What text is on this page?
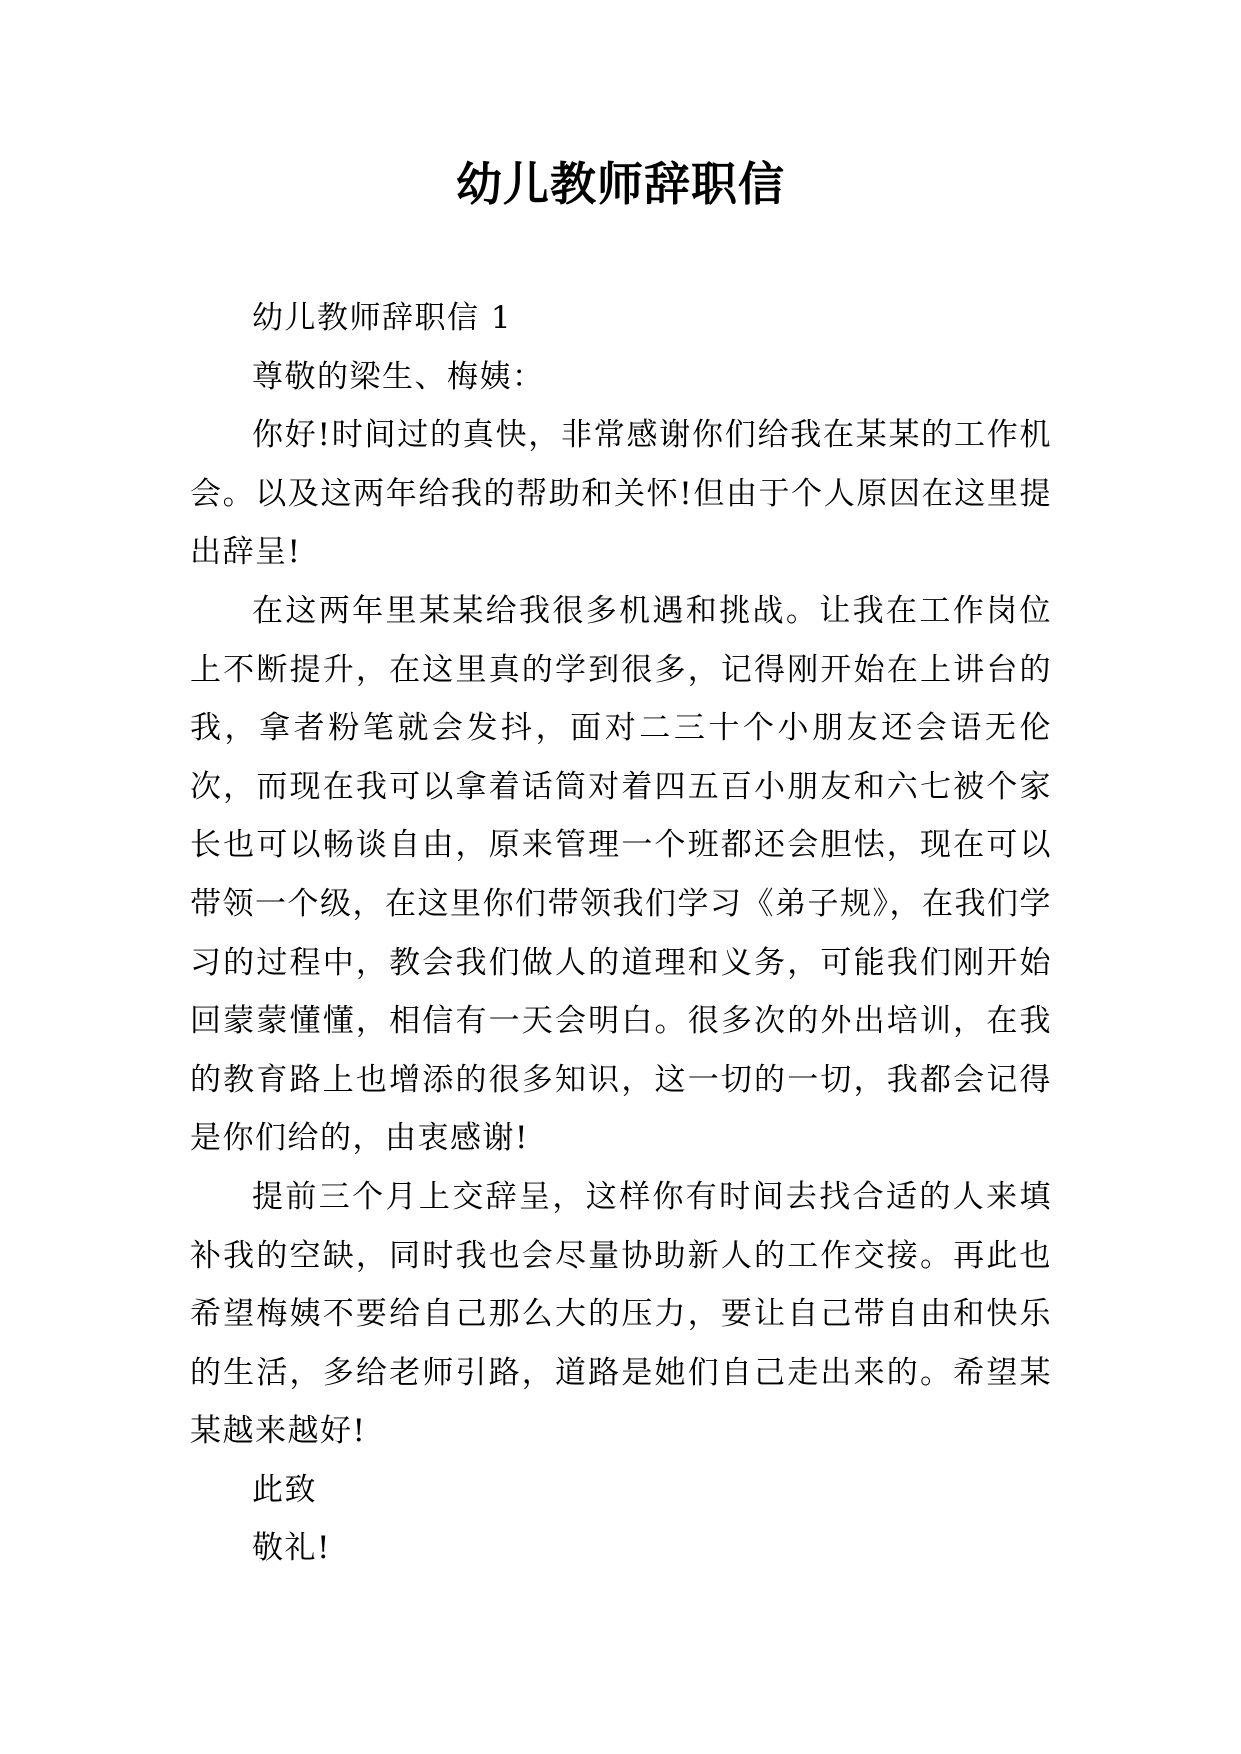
幼儿教师辞职信

幼儿教师辞职信 1

尊敬的梁生、梅姨：

你好!时间过的真快，非常感谢你们给我在某某的工作机会。以及这两年给我的帮助和关怀!但由于个人原因在这里提出辞呈!

在这两年里某某给我很多机遇和挑战。让我在工作岗位上不断提升，在这里真的学到很多，记得刚开始在上讲台的我，拿者粉笔就会发抖，面对二三十个小朋友还会语无伦次，而现在我可以拿着话筒对着四五百小朋友和六七被个家长也可以畅谈自由，原来管理一个班都还会胆怯，现在可以带领一个级，在这里你们带领我们学习《弟子规》，在我们学习的过程中，教会我们做人的道理和义务，可能我们刚开始回蒙蒙懂懂，相信有一天会明白。很多次的外出培训，在我的教育路上也增添的很多知识，这一切的一切，我都会记得是你们给的，由衷感谢!

提前三个月上交辞呈，这样你有时间去找合适的人来填补我的空缺，同时我也会尽量协助新人的工作交接。再此也希望梅姨不要给自己那么大的压力，要让自己带自由和快乐的生活，多给老师引路，道路是她们自己走出来的。希望某某越来越好!

此致

敬礼!
